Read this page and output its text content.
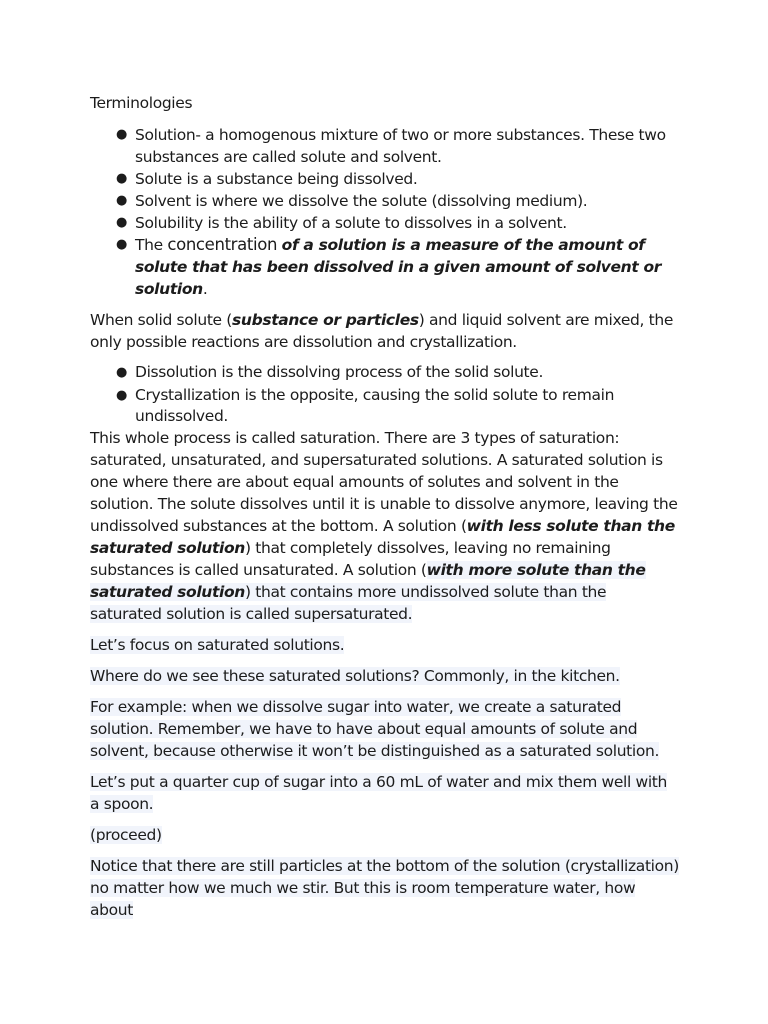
Terminologies
● Solution- a homogenous mixture of two or more substances. These two substances are called solute and solvent.
● Solute is a substance being dissolved.
● Solvent is where we dissolve the solute (dissolving medium).
● Solubility is the ability of a solute to dissolves in a solvent.
● The concentration of a solution is a measure of the amount of solute that has been dissolved in a given amount of solvent or solution.

When solid solute (substance or particles) and liquid solvent are mixed, the only possible reactions are dissolution and crystallization.

● Dissolution is the dissolving process of the solid solute.
● Crystallization is the opposite, causing the solid solute to remain undissolved.

This whole process is called saturation. There are 3 types of saturation: saturated, unsaturated, and supersaturated solutions. A saturated solution is one where there are about equal amounts of solutes and solvent in the solution. The solute dissolves until it is unable to dissolve anymore, leaving the undissolved substances at the bottom. A solution (with less solute than the saturated solution) that completely dissolves, leaving no remaining substances is called unsaturated. A solution (with more solute than the saturated solution) that contains more undissolved solute than the saturated solution is called supersaturated.

Let’s focus on saturated solutions.

Where do we see these saturated solutions? Commonly, in the kitchen.

For example: when we dissolve sugar into water, we create a saturated solution. Remember, we have to have about equal amounts of solute and solvent, because otherwise it won’t be distinguished as a saturated solution.

Let’s put a quarter cup of sugar into a 60 mL of water and mix them well with a spoon.

(proceed)

Notice that there are still particles at the bottom of the solution (crystallization) no matter how we much we stir. But this is room temperature water, how about
